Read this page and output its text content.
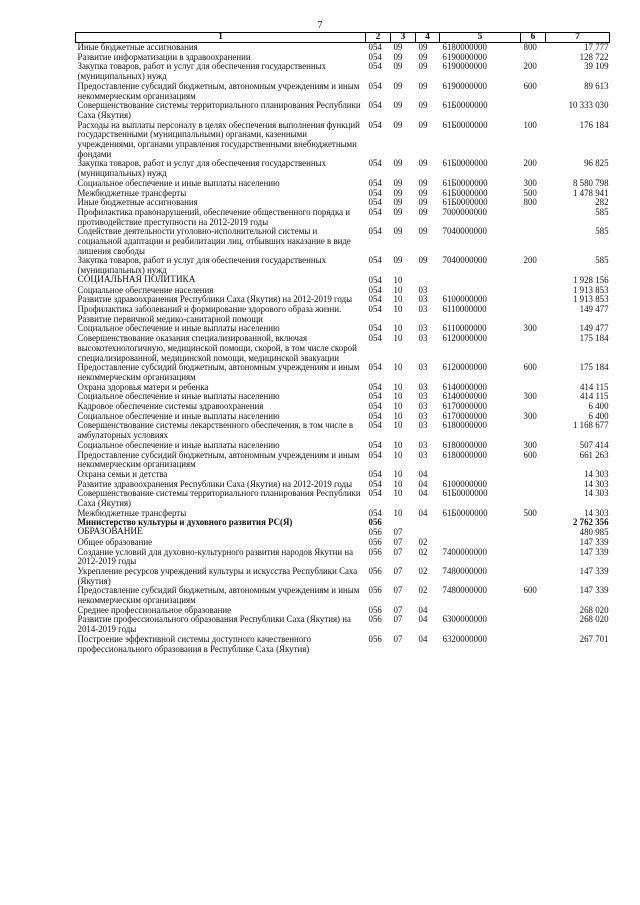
7
1	2	3	4	5	6	7
Иные бюджетные ассигнования	054	09	09	6180000000	800	17 777
Развитие информатизации в здравоохранении	054	09	09	6190000000		128 722
Закупка товаров, работ и услуг для обеспечения государственных (муниципальных) нужд	054	09	09	6190000000	200	39 109
Предоставление субсидий бюджетным, автономным учреждениям и иным некоммерческим организациям	054	09	09	6190000000	600	89 613
Совершенствование системы территориального планирования Республики Саха (Якутия)	054	09	09	61Б0000000		10 333 030
Расходы на выплаты персоналу в целях обеспечения выполнения функций государственными (муниципальными) органами, казенными учреждениями, органами управления государственными внебюджетными фондами	054	09	09	61Б0000000	100	176 184
Закупка товаров, работ и услуг для обеспечения государственных (муниципальных) нужд	054	09	09	61Б0000000	200	96 825
Социальное обеспечение и иные выплаты населению	054	09	09	61Б0000000	300	8 580 798
Межбюджетные трансферты	054	09	09	61Б0000000	500	1 478 941
Иные бюджетные ассигнования	054	09	09	61Б0000000	800	282
Профилактика правонарушений, обеспечение общественного порядка и противодействие преступности на 2012-2019 годы	054	09	09	7000000000		585
Содействие деятельности уголовно-исполнительной системы и социальной адаптации и реабилитации лиц, отбывших наказание в виде лишения свободы	054	09	09	7040000000		585
Закупка товаров, работ и услуг для обеспечения государственных (муниципальных) нужд	054	09	09	7040000000	200	585
СОЦИАЛЬНАЯ ПОЛИТИКА	054	10				1 928 156
Социальное обеспечение населения	054	10	03			1 913 853
Развитие здравоохранения Республики Саха (Якутия) на 2012-2019 годы	054	10	03	6100000000		1 913 853
Профилактика заболеваний и формирование здорового образа жизни. Развитие первичной медико-санитарной помощи	054	10	03	6110000000		149 477
Социальное обеспечение и иные выплаты населению	054	10	03	6110000000	300	149 477
Совершенствование оказания специализированной, включая высокотехнологичную, медицинской помощи, скорой, в том числе скорой специализированной, медицинской помощи, медицинской эвакуации	054	10	03	6120000000		175 184
Предоставление субсидий бюджетным, автономным учреждениям и иным некоммерческим организациям	054	10	03	6120000000	600	175 184
Охрана здоровья матери и ребенка	054	10	03	6140000000		414 115
Социальное обеспечение и иные выплаты населению	054	10	03	6140000000	300	414 115
Кадровое обеспечение системы здравоохранения	054	10	03	6170000000		6 400
Социальное обеспечение и иные выплаты населению	054	10	03	6170000000	300	6 400
Совершенствование системы лекарственного обеспечения, в том числе в амбулаторных условиях	054	10	03	6180000000		1 168 677
Социальное обеспечение и иные выплаты населению	054	10	03	6180000000	300	507 414
Предоставление субсидий бюджетным, автономным учреждениям и иным некоммерческим организациям	054	10	03	6180000000	600	661 263
Охрана семьи и детства	054	10	04			14 303
Развитие здравоохранения Республики Саха (Якутия) на 2012-2019 годы	054	10	04	6100000000		14 303
Совершенствование системы территориального планирования Республики Саха (Якутия)	054	10	04	61Б0000000		14 303
Межбюджетные трансферты	054	10	04	61Б0000000	500	14 303
Министерство культуры и духовного развития РС(Я)	056					2 762 356
ОБРАЗОВАНИЕ	056	07				480 985
Общее образование	056	07	02			147 339
Создание условий для духовно-культурного развития народов Якутии на 2012-2019 годы	056	07	02	7400000000		147 339
Укрепление ресурсов учреждений культуры и искусства Республики Саха (Якутия)	056	07	02	7480000000		147 339
Предоставление субсидий бюджетным, автономным учреждениям и иным некоммерческим организациям	056	07	02	7480000000	600	147 339
Среднее профессиональное образование	056	07	04			268 020
Развитие профессионального образования Республики Саха (Якутия) на 2014-2019 годы	056	07	04	6300000000		268 020
Построение эффективной системы доступного качественного профессионального образования в Республике Саха (Якутия)	056	07	04	6320000000		267 701
